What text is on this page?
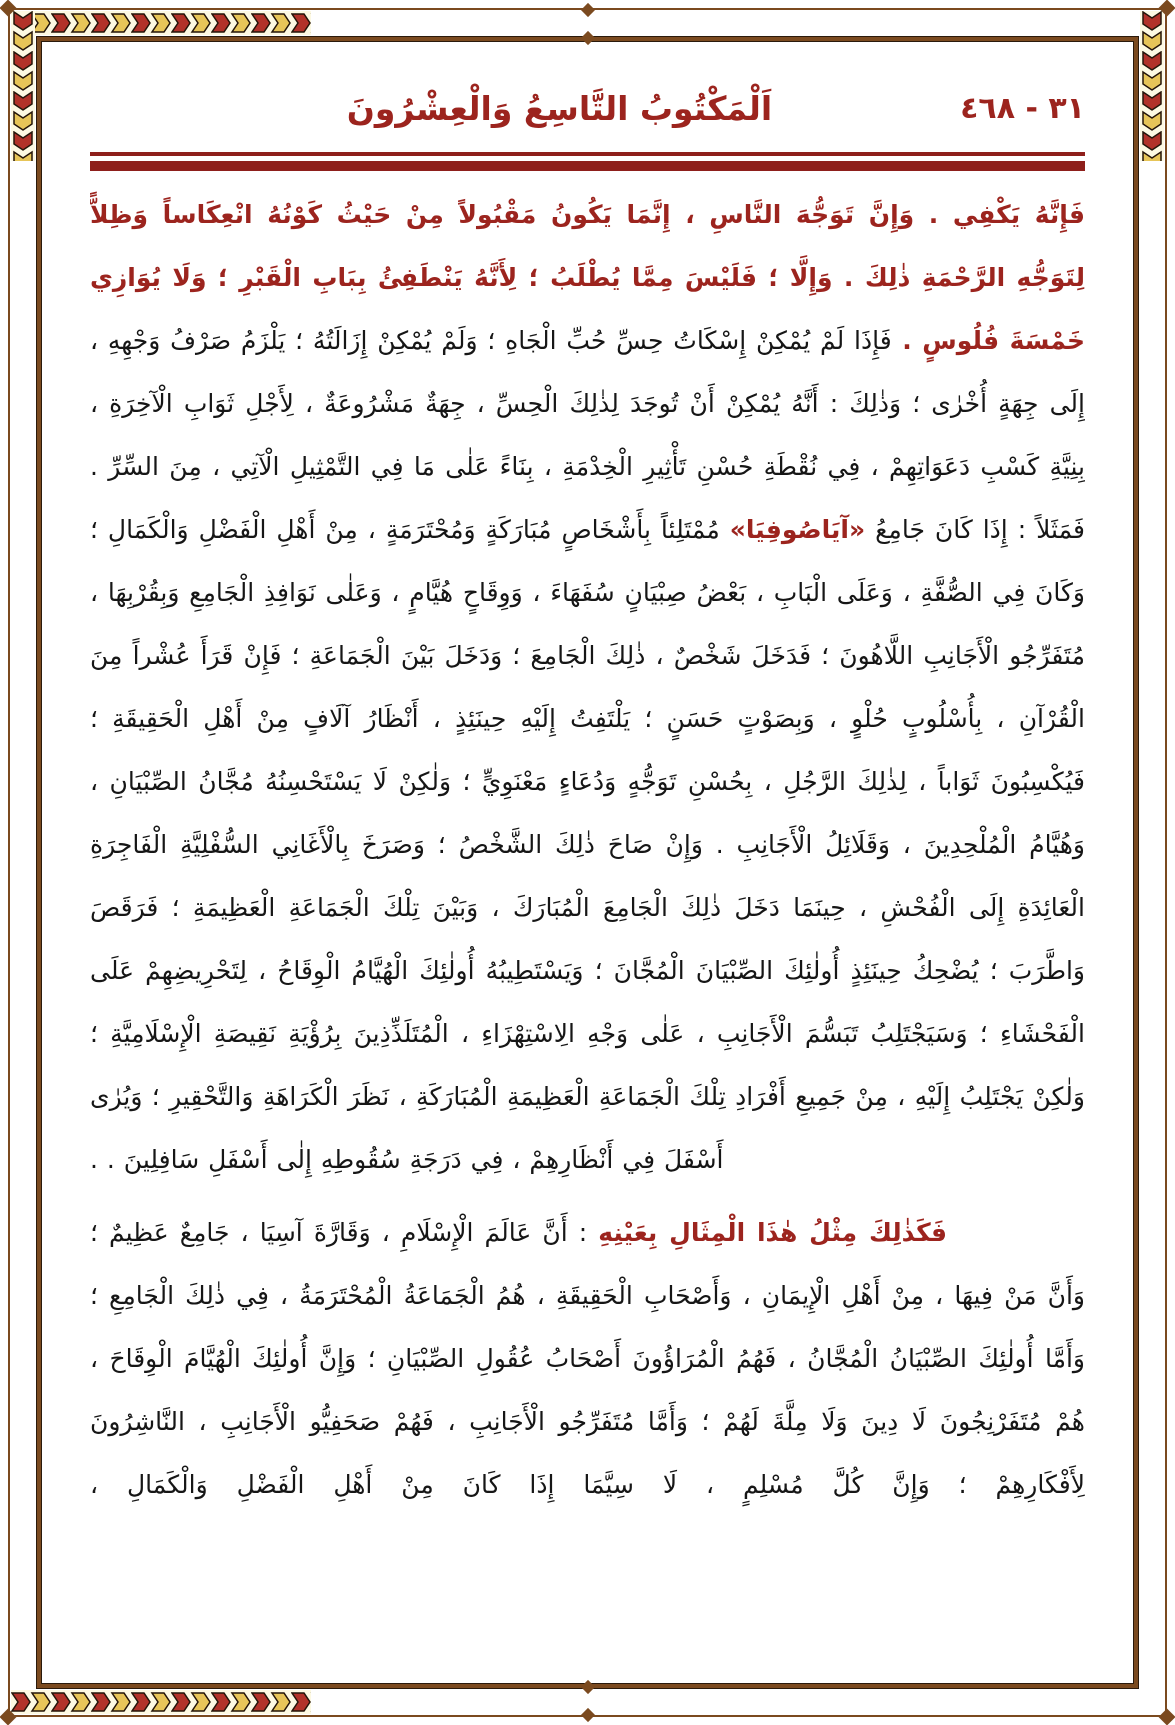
اَلْمَكْتُوبُ التَّاسِعُ وَالْعِشْرُونَ	٣١ - ٤٦٨

فَإِنَّهُ يَكْفِي . وَإِنَّ تَوَجُّهَ النَّاسِ ، إِنَّمَا يَكُونُ مَقْبُولاً مِنْ حَيْثُ كَوْنُهُ انْعِكَاساً وَظِلاًّ لِتَوَجُّهِ الرَّحْمَةِ ذٰلِكَ . وَإِلَّا ؛ فَلَيْسَ مِمَّا يُطْلَبُ ؛ لِأَنَّهُ يَنْطَفِئُ بِبَابِ الْقَبْرِ ؛ وَلَا يُوَازِي خَمْسَةَ فُلُوسٍ . فَإِذَا لَمْ يُمْكِنْ إِسْكَاتُ حِسِّ حُبِّ الْجَاهِ ؛ وَلَمْ يُمْكِنْ إِزَالَتُهُ ؛ يَلْزَمُ صَرْفُ وَجْهِهِ ، إِلَى جِهَةٍ أُخْرٰى ؛ وَذٰلِكَ : أَنَّهُ يُمْكِنْ أَنْ تُوجَدَ لِذٰلِكَ الْحِسِّ ، جِهَةٌ مَشْرُوعَةٌ ، لِأَجْلِ ثَوَابِ الْآخِرَةِ ، بِنِيَّةِ كَسْبِ دَعَوَاتِهِمْ ، فِي نُقْطَةِ حُسْنِ تَأْثِيرِ الْخِدْمَةِ ، بِنَاءً عَلٰى مَا فِي التَّمْثِيلِ الْآتِي ، مِنَ السِّرِّ . فَمَثَلاً : إِذَا كَانَ جَامِعُ «آيَاصُوفِيَا» مُمْتَلِئاً بِأَشْخَاصٍ مُبَارَكَةٍ وَمُحْتَرَمَةٍ ، مِنْ أَهْلِ الْفَضْلِ وَالْكَمَالِ ؛ وَكَانَ فِي الصُّفَّةِ ، وَعَلَى الْبَابِ ، بَعْضُ صِبْيَانٍ سُفَهَاءَ ، وَوِقَاحٍ هُيَّامٍ ، وَعَلٰى نَوَافِذِ الْجَامِعِ وَبِقُرْبِهَا ، مُتَفَرِّجُو الْأَجَانِبِ اللَّاهُونَ ؛ فَدَخَلَ شَخْصٌ ، ذٰلِكَ الْجَامِعَ ؛ وَدَخَلَ بَيْنَ الْجَمَاعَةِ ؛ فَإِنْ قَرَأَ عُشْراً مِنَ الْقُرْآنِ ، بِأُسْلُوبٍ حُلْوٍ ، وَبِصَوْتٍ حَسَنٍ ؛ يَلْتَفِتُ إِلَيْهِ حِينَئِذٍ ، أَنْظَارُ آلَافٍ مِنْ أَهْلِ الْحَقِيقَةِ ؛ فَيُكْسِبُونَ ثَوَاباً ، لِذٰلِكَ الرَّجُلِ ، بِحُسْنِ تَوَجُّهٍ وَدُعَاءٍ مَعْنَوِيٍّ ؛ وَلٰكِنْ لَا يَسْتَحْسِنُهُ مُجَّانُ الصِّبْيَانِ ، وَهُيَّامُ الْمُلْحِدِينَ ، وَقَلَائِلُ الْأَجَانِبِ . وَإِنْ صَاحَ ذٰلِكَ الشَّخْصُ ؛ وَصَرَخَ بِالْأَغَانِي السُّفْلِيَّةِ الْفَاجِرَةِ الْعَائِدَةِ إِلَى الْفُحْشِ ، حِينَمَا دَخَلَ ذٰلِكَ الْجَامِعَ الْمُبَارَكَ ، وَبَيْنَ تِلْكَ الْجَمَاعَةِ الْعَظِيمَةِ ؛ فَرَقَصَ وَاطَّرَبَ ؛ يُضْحِكُ حِينَئِذٍ أُولٰئِكَ الصِّبْيَانَ الْمُجَّانَ ؛ وَيَسْتَطِيبُهُ أُولٰئِكَ الْهُيَّامُ الْوِقَاحُ ، لِتَحْرِيضِهِمْ عَلَى الْفَحْشَاءِ ؛ وَسَيَجْتَلِبُ تَبَسُّمَ الْأَجَانِبِ ، عَلٰى وَجْهِ الِاسْتِهْزَاءِ ، الْمُتَلَذِّذِينَ بِرُؤْيَةِ نَقِيصَةِ الْإِسْلَامِيَّةِ ؛ وَلٰكِنْ يَجْتَلِبُ إِلَيْهِ ، مِنْ جَمِيعِ أَفْرَادِ تِلْكَ الْجَمَاعَةِ الْعَظِيمَةِ الْمُبَارَكَةِ ، نَظَرَ الْكَرَاهَةِ وَالتَّحْقِيرِ ؛ وَيُرٰى أَسْفَلَ فِي أَنْظَارِهِمْ ، فِي دَرَجَةِ سُقُوطِهِ إِلٰى أَسْفَلِ سَافِلِينَ . .

فَكَذٰلِكَ مِثْلُ هٰذَا الْمِثَالِ بِعَيْنِهِ : أَنَّ عَالَمَ الْإِسْلَامِ ، وَقَارَّةَ آسِيَا ، جَامِعٌ عَظِيمٌ ؛ وَأَنَّ مَنْ فِيهَا ، مِنْ أَهْلِ الْإِيمَانِ ، وَأَصْحَابِ الْحَقِيقَةِ ، هُمُ الْجَمَاعَةُ الْمُحْتَرَمَةُ ، فِي ذٰلِكَ الْجَامِعِ ؛ وَأَمَّا أُولٰئِكَ الصِّبْيَانُ الْمُجَّانُ ، فَهُمُ الْمُرَاؤُونَ أَصْحَابُ عُقُولِ الصِّبْيَانِ ؛ وَإِنَّ أُولٰئِكَ الْهُيَّامَ الْوِقَاحَ ، هُمْ مُتَفَرْنِجُونَ لَا دِينَ وَلَا مِلَّةَ لَهُمْ ؛ وَأَمَّا مُتَفَرِّجُو الْأَجَانِبِ ، فَهُمْ صَحَفِيُّو الْأَجَانِبِ ، النَّاشِرُونَ لِأَفْكَارِهِمْ ؛ وَإِنَّ كُلَّ مُسْلِمٍ ، لَا سِيَّمَا إِذَا كَانَ مِنْ أَهْلِ الْفَضْلِ وَالْكَمَالِ ،
